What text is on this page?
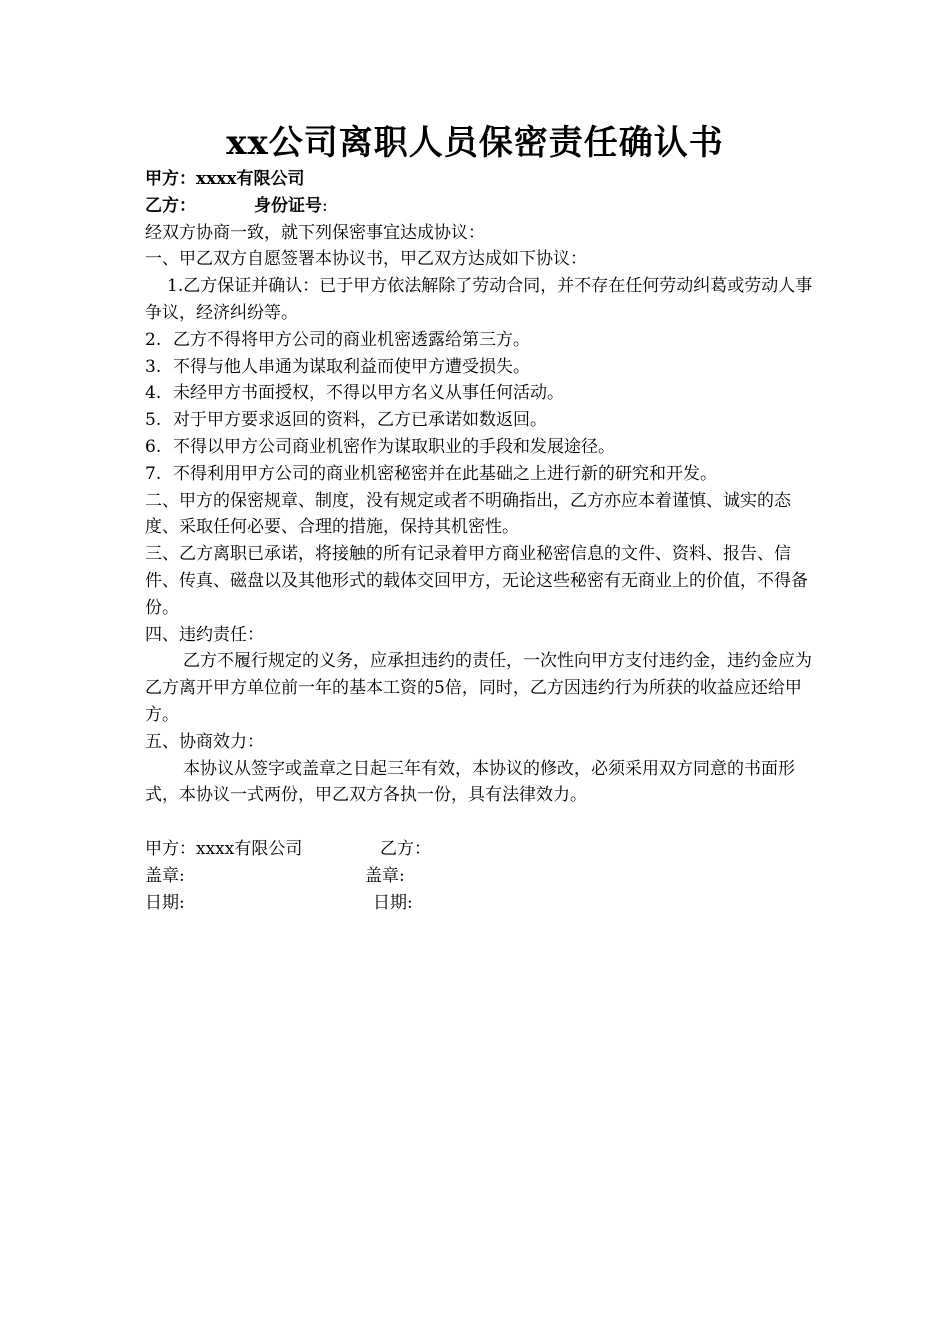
xx公司离职人员保密责任确认书

甲方：xxxx有限公司

乙方：	身份证号:

经双方协商一致，就下列保密事宜达成协议：

一、甲乙双方自愿签署本协议书，甲乙双方达成如下协议：

1.乙方保证并确认：已于甲方依法解除了劳动合同，并不存在任何劳动纠葛或劳动人事争议，经济纠纷等。

2. 乙方不得将甲方公司的商业机密透露给第三方。

3. 不得与他人串通为谋取利益而使甲方遭受损失。

4. 未经甲方书面授权，不得以甲方名义从事任何活动。

5. 对于甲方要求返回的资料，乙方已承诺如数返回。

6. 不得以甲方公司商业机密作为谋取职业的手段和发展途径。

7. 不得利用甲方公司的商业机密秘密并在此基础之上进行新的研究和开发。

二、甲方的保密规章、制度，没有规定或者不明确指出，乙方亦应本着谨慎、诚实的态度、采取任何必要、合理的措施，保持其机密性。

三、乙方离职已承诺，将接触的所有记录着甲方商业秘密信息的文件、资料、报告、信件、传真、磁盘以及其他形式的载体交回甲方，无论这些秘密有无商业上的价值，不得备份。

四、违约责任：

乙方不履行规定的义务，应承担违约的责任，一次性向甲方支付违约金，违约金应为乙方离开甲方单位前一年的基本工资的5倍，同时，乙方因违约行为所获的收益应还给甲方。

五、协商效力：

本协议从签字或盖章之日起三年有效，本协议的修改，必须采用双方同意的书面形式，本协议一式两份，甲乙双方各执一份，具有法律效力。

甲方：xxxx有限公司	乙方：
盖章:	盖章:
日期:	日期:
